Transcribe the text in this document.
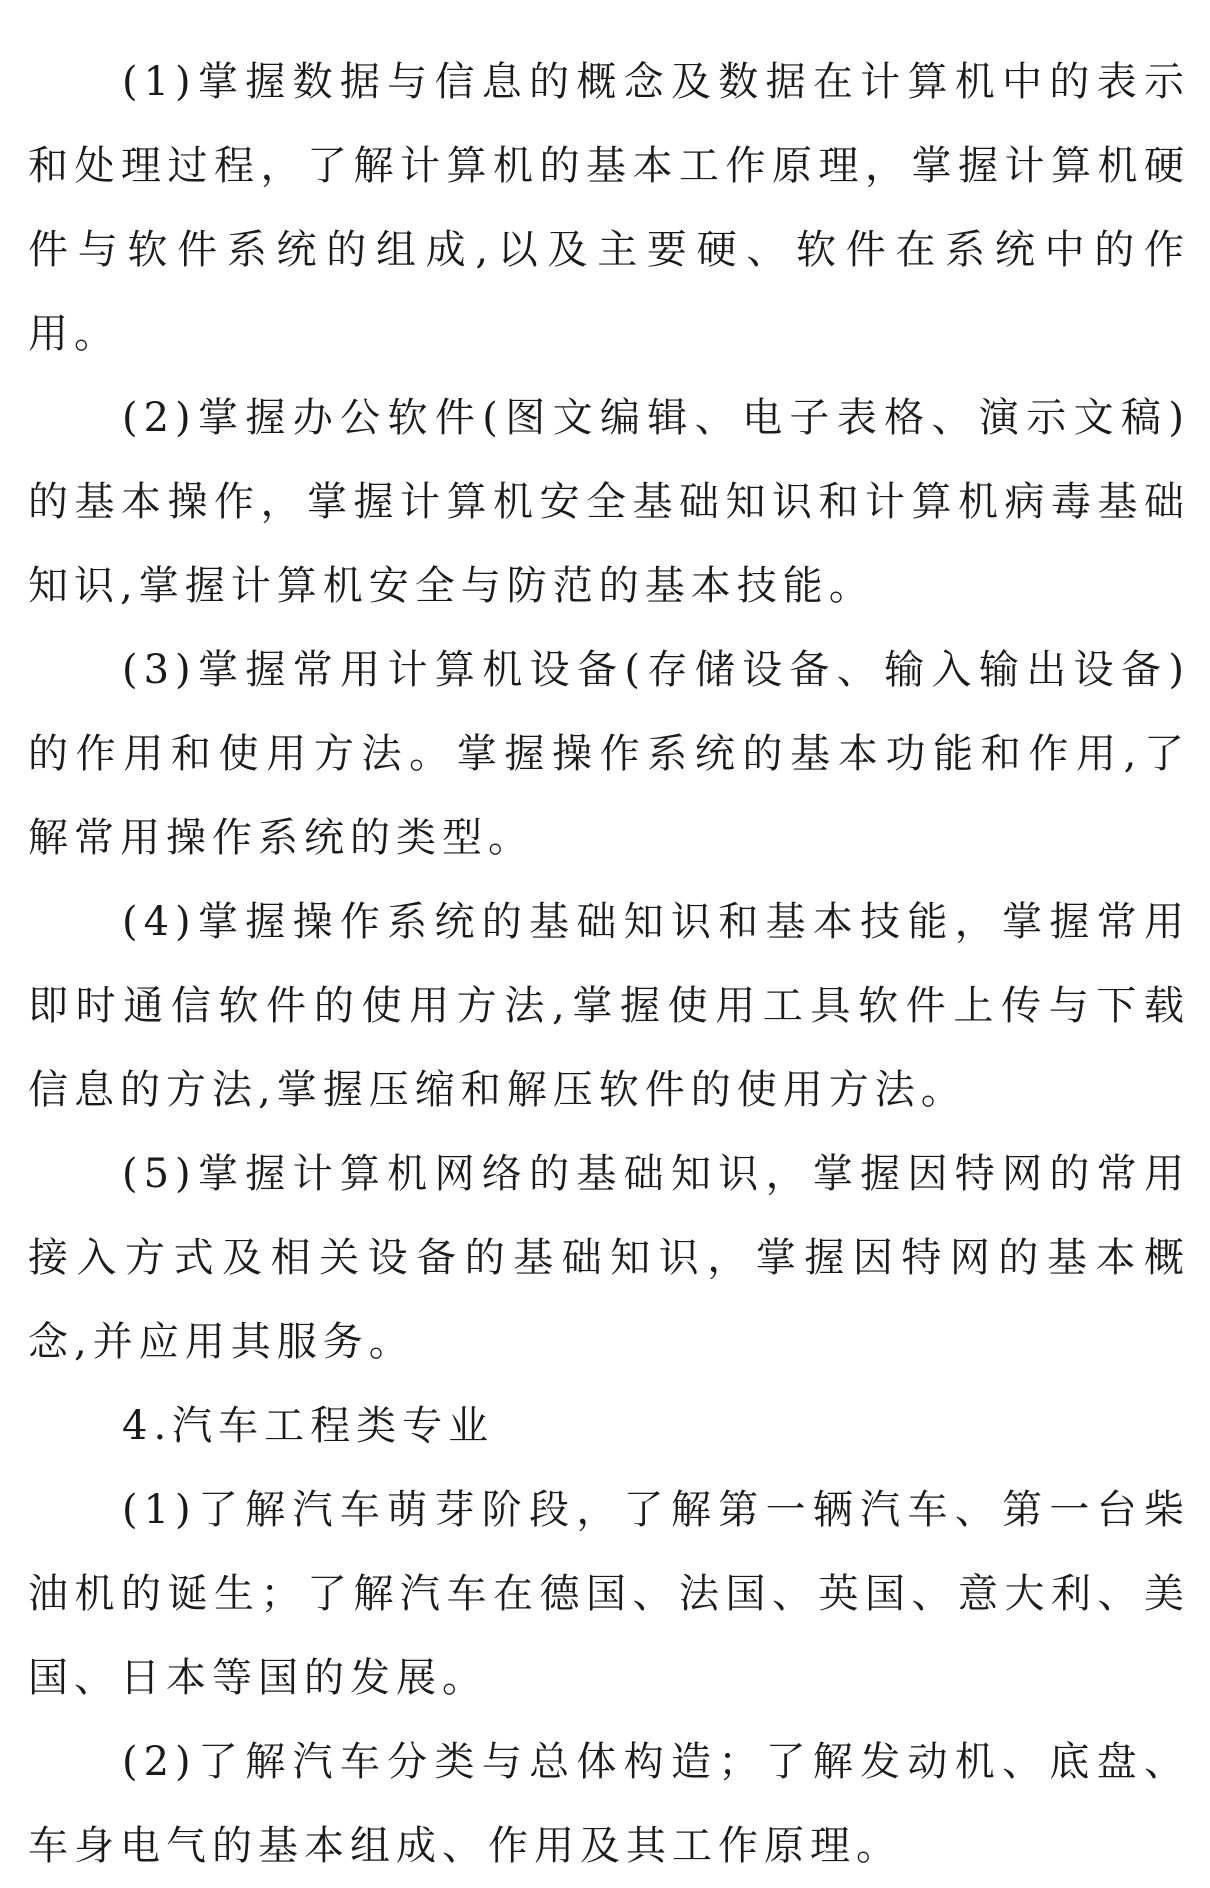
(1)掌握数据与信息的概念及数据在计算机中的表示和处理过程，了解计算机的基本工作原理，掌握计算机硬件与软件系统的组成,以及主要硬、软件在系统中的作用。

(2)掌握办公软件(图文编辑、电子表格、演示文稿)的基本操作，掌握计算机安全基础知识和计算机病毒基础知识,掌握计算机安全与防范的基本技能。

(3)掌握常用计算机设备(存储设备、输入输出设备)的作用和使用方法。掌握操作系统的基本功能和作用,了解常用操作系统的类型。

(4)掌握操作系统的基础知识和基本技能，掌握常用即时通信软件的使用方法,掌握使用工具软件上传与下载信息的方法,掌握压缩和解压软件的使用方法。

(5)掌握计算机网络的基础知识，掌握因特网的常用接入方式及相关设备的基础知识，掌握因特网的基本概念,并应用其服务。

4.汽车工程类专业

(1)了解汽车萌芽阶段，了解第一辆汽车、第一台柴油机的诞生；了解汽车在德国、法国、英国、意大利、美国、日本等国的发展。

(2)了解汽车分类与总体构造；了解发动机、底盘、车身电气的基本组成、作用及其工作原理。
